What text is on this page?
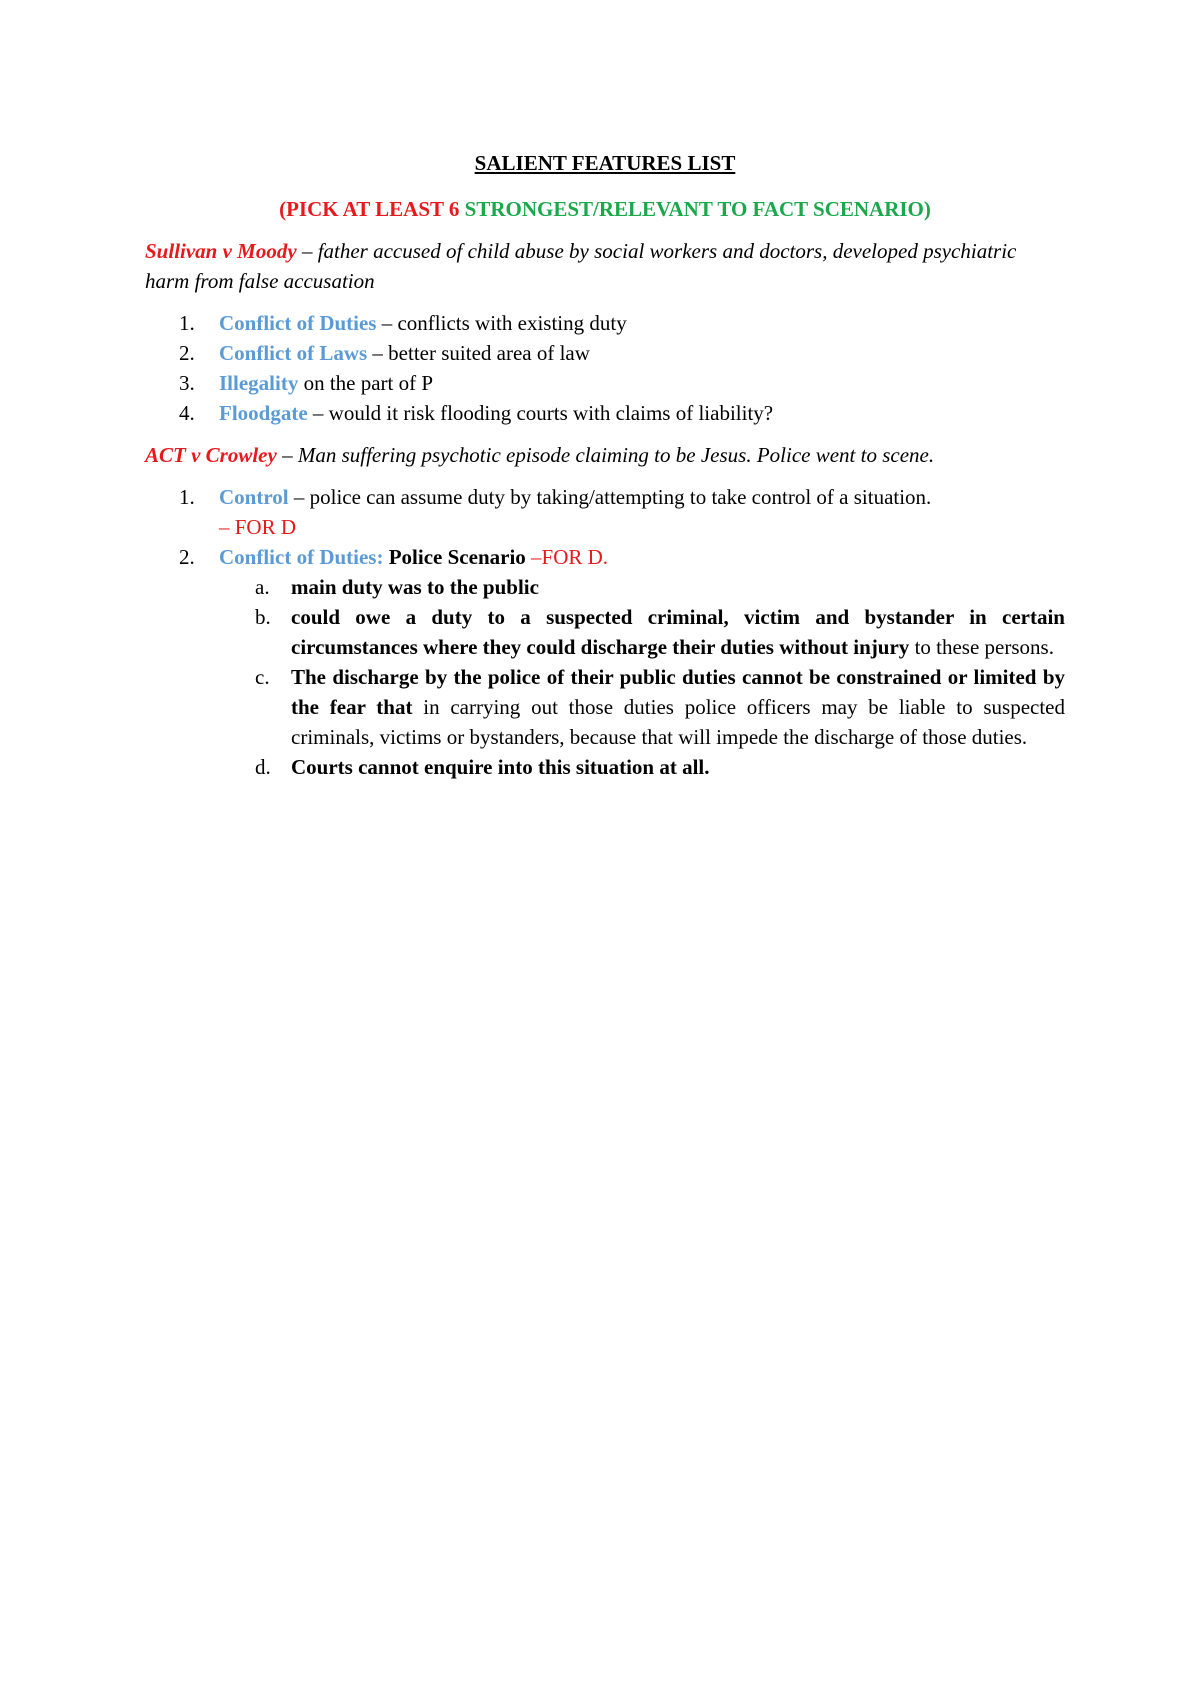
SALIENT FEATURES LIST
(PICK AT LEAST 6 STRONGEST/RELEVANT TO FACT SCENARIO)
Sullivan v Moody – father accused of child abuse by social workers and doctors, developed psychiatric harm from false accusation
1.	Conflict of Duties – conflicts with existing duty
2.	Conflict of Laws – better suited area of law
3.	Illegality on the part of P
4.	Floodgate – would it risk flooding courts with claims of liability?
ACT v Crowley – Man suffering psychotic episode claiming to be Jesus. Police went to scene.
1.	Control – police can assume duty by taking/attempting to take control of a situation.
– FOR D
2.	Conflict of Duties: Police Scenario –FOR D.
a. main duty was to the public
b. could owe a duty to a suspected criminal, victim and bystander in certain circumstances where they could discharge their duties without injury to these persons.
c. The discharge by the police of their public duties cannot be constrained or limited by the fear that in carrying out those duties police officers may be liable to suspected criminals, victims or bystanders, because that will impede the discharge of those duties.
d. Courts cannot enquire into this situation at all.
